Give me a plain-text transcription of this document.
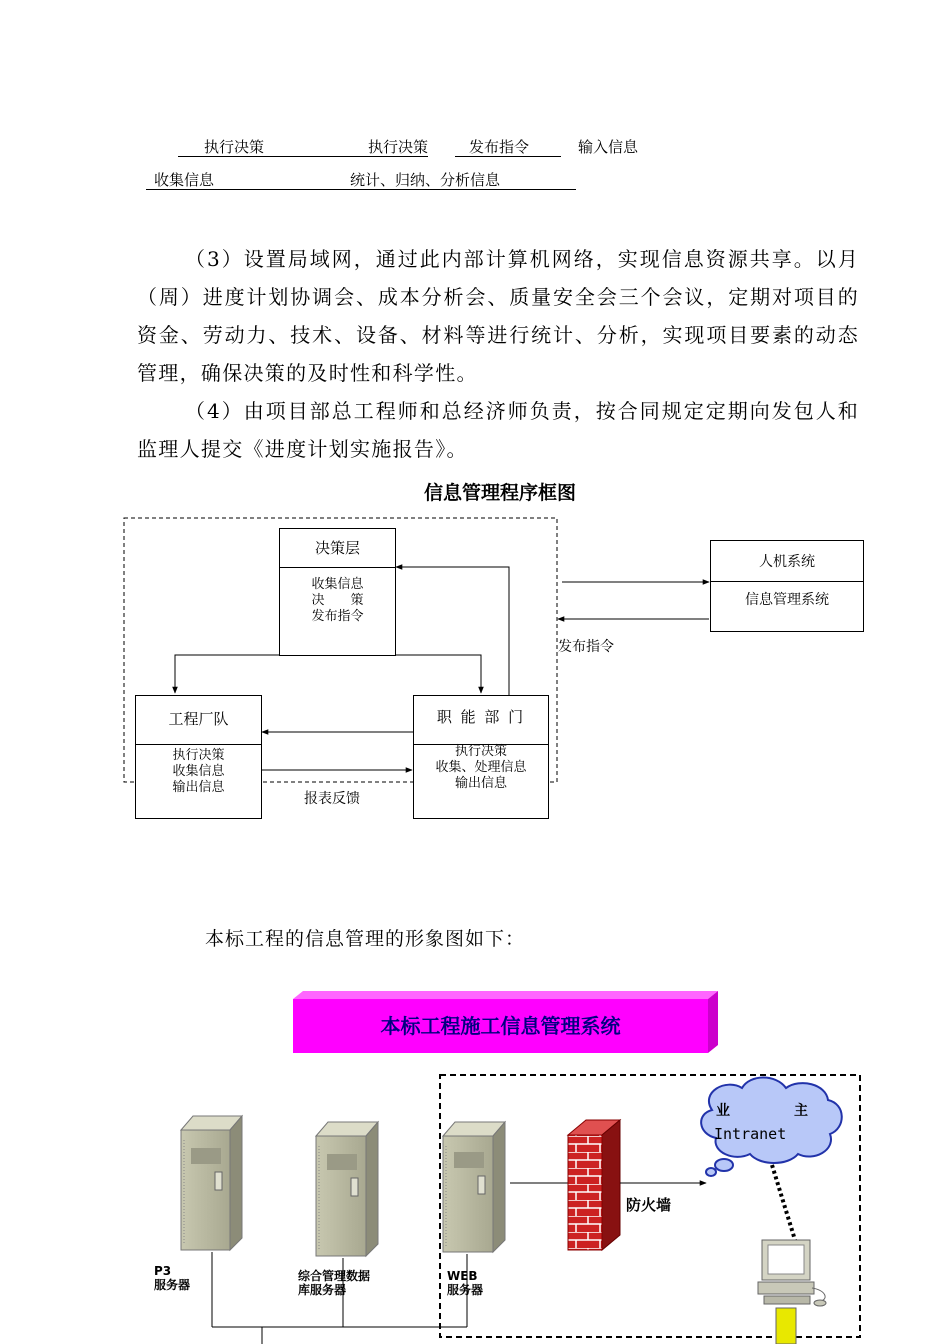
执行决策	执行决策	发布指令	输入信息
收集信息	统计、归纳、分析信息
（3）设置局域网，通过此内部计算机网络，实现信息资源共享。以月（周）进度计划协调会、成本分析会、质量安全会三个会议，定期对项目的资金、劳动力、技术、设备、材料等进行统计、分析，实现项目要素的动态管理，确保决策的及时性和科学性。
（4）由项目部总工程师和总经济师负责，按合同规定定期向发包人和监理人提交《进度计划实施报告》。
信息管理程序框图
决策层
收集信息
决　　策
发布指令
工程厂队
执行决策
收集信息
输出信息
职 能 部 门
执行决策
收集、处理信息
输出信息
人机系统
信息管理系统
发布指令
报表反馈
本标工程的信息管理的形象图如下：
本标工程施工信息管理系统
业	主
Intranet
防火墙
P3
服务器
综合管理数据
库服务器
WEB
服务器
